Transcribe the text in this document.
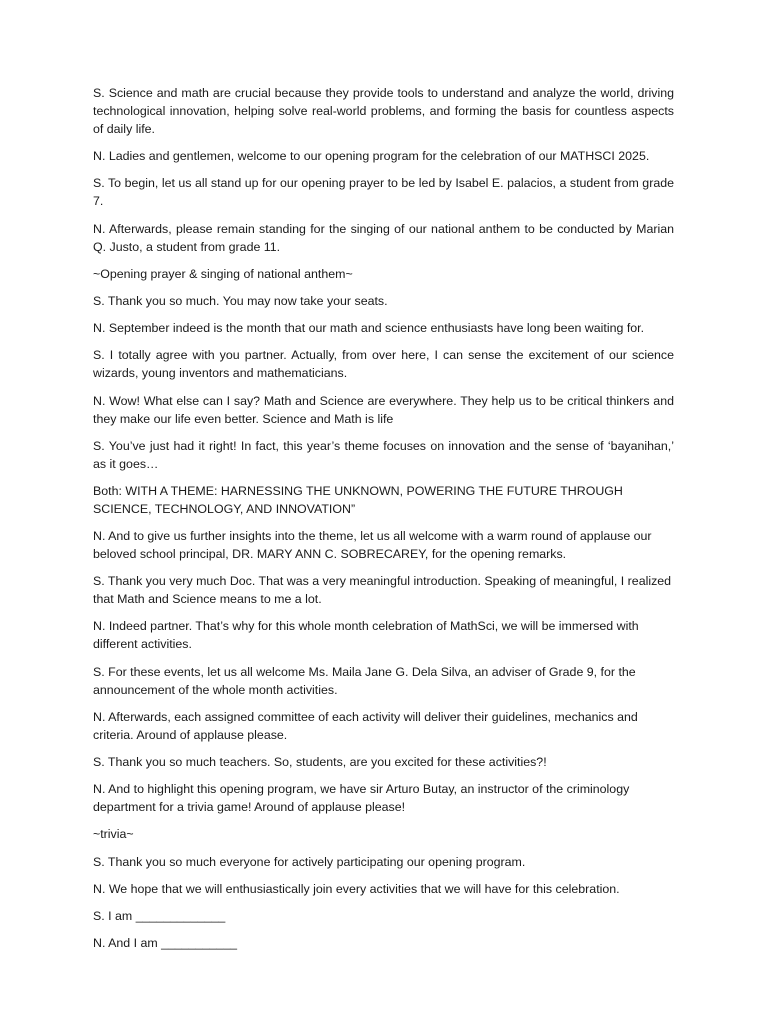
S. Science and math are crucial because they provide tools to understand and analyze the world, driving technological innovation, helping solve real-world problems, and forming the basis for countless aspects of daily life.

N. Ladies and gentlemen, welcome to our opening program for the celebration of our MATHSCI 2025.

S. To begin, let us all stand up for our opening prayer to be led by Isabel E. palacios, a student from grade 7.

N. Afterwards, please remain standing for the singing of our national anthem to be conducted by Marian Q. Justo, a student from grade 11.

~Opening prayer & singing of national anthem~

S. Thank you so much. You may now take your seats.

N. September indeed is the month that our math and science enthusiasts have long been waiting for.

S. I totally agree with you partner. Actually, from over here, I can sense the excitement of our science wizards, young inventors and mathematicians.

N. Wow! What else can I say? Math and Science are everywhere. They help us to be critical thinkers and they make our life even better. Science and Math is life

S. You’ve just had it right! In fact, this year’s theme focuses on innovation and the sense of ‘bayanihan,’ as it goes…

Both: WITH A THEME: HARNESSING THE UNKNOWN, POWERING THE FUTURE THROUGH SCIENCE, TECHNOLOGY, AND INNOVATION”

N. And to give us further insights into the theme, let us all welcome with a warm round of applause our beloved school principal, DR. MARY ANN C. SOBRECAREY, for the opening remarks.

S. Thank you very much Doc. That was a very meaningful introduction. Speaking of meaningful, I realized that Math and Science means to me a lot.

N. Indeed partner. That’s why for this whole month celebration of MathSci, we will be immersed with different activities.

S. For these events, let us all welcome Ms. Maila Jane G. Dela Silva, an adviser of Grade 9, for the announcement of the whole month activities.

N. Afterwards, each assigned committee of each activity will deliver their guidelines, mechanics and criteria. Around of applause please.

S. Thank you so much teachers. So, students, are you excited for these activities?!

N. And to highlight this opening program, we have sir Arturo Butay, an instructor of the criminology department for a trivia game! Around of applause please!

~trivia~

S. Thank you so much everyone for actively participating our opening program.

N. We hope that we will enthusiastically join every activities that we will have for this celebration.

S. I am _____________

N. And I am ___________
